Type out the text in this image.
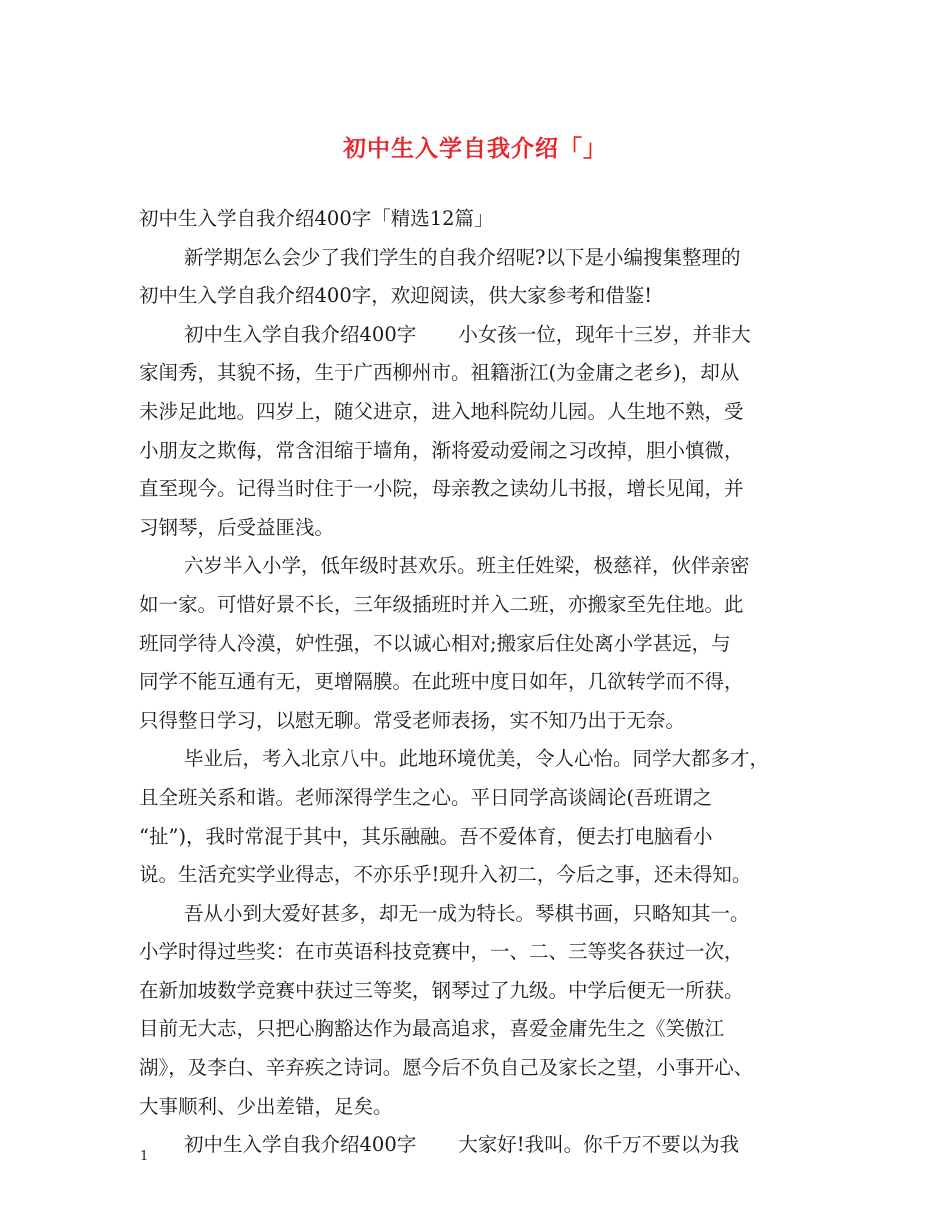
初中生入学自我介绍「」
初中生入学自我介绍400字「精选12篇」
新学期怎么会少了我们学生的自我介绍呢?以下是小编搜集整理的
初中生入学自我介绍400字，欢迎阅读，供大家参考和借鉴!
初中生入学自我介绍400字 小女孩一位，现年十三岁，并非大
家闺秀，其貌不扬，生于广西柳州市。祖籍浙江(为金庸之老乡)，却从
未涉足此地。四岁上，随父进京，进入地科院幼儿园。人生地不熟，受
小朋友之欺侮，常含泪缩于墙角，渐将爱动爱闹之习改掉，胆小慎微，
直至现今。记得当时住于一小院，母亲教之读幼儿书报，增长见闻，并
习钢琴，后受益匪浅。
六岁半入小学，低年级时甚欢乐。班主任姓梁，极慈祥，伙伴亲密
如一家。可惜好景不长，三年级插班时并入二班，亦搬家至先住地。此
班同学待人冷漠，妒性强，不以诚心相对;搬家后住处离小学甚远，与
同学不能互通有无，更增隔膜。在此班中度日如年，几欲转学而不得，
只得整日学习，以慰无聊。常受老师表扬，实不知乃出于无奈。
毕业后，考入北京八中。此地环境优美，令人心怡。同学大都多才，
且全班关系和谐。老师深得学生之心。平日同学高谈阔论(吾班谓之
“扯”)，我时常混于其中，其乐融融。吾不爱体育，便去打电脑看小
说。生活充实学业得志，不亦乐乎!现升入初二，今后之事，还未得知。
吾从小到大爱好甚多，却无一成为特长。琴棋书画，只略知其一。
小学时得过些奖：在市英语科技竞赛中，一、二、三等奖各获过一次，
在新加坡数学竞赛中获过三等奖，钢琴过了九级。中学后便无一所获。
目前无大志，只把心胸豁达作为最高追求，喜爱金庸先生之《笑傲江
湖》，及李白、辛弃疾之诗词。愿今后不负自己及家长之望，小事开心、
大事顺利、少出差错，足矣。
初中生入学自我介绍400字 大家好!我叫。你千万不要以为我
1
